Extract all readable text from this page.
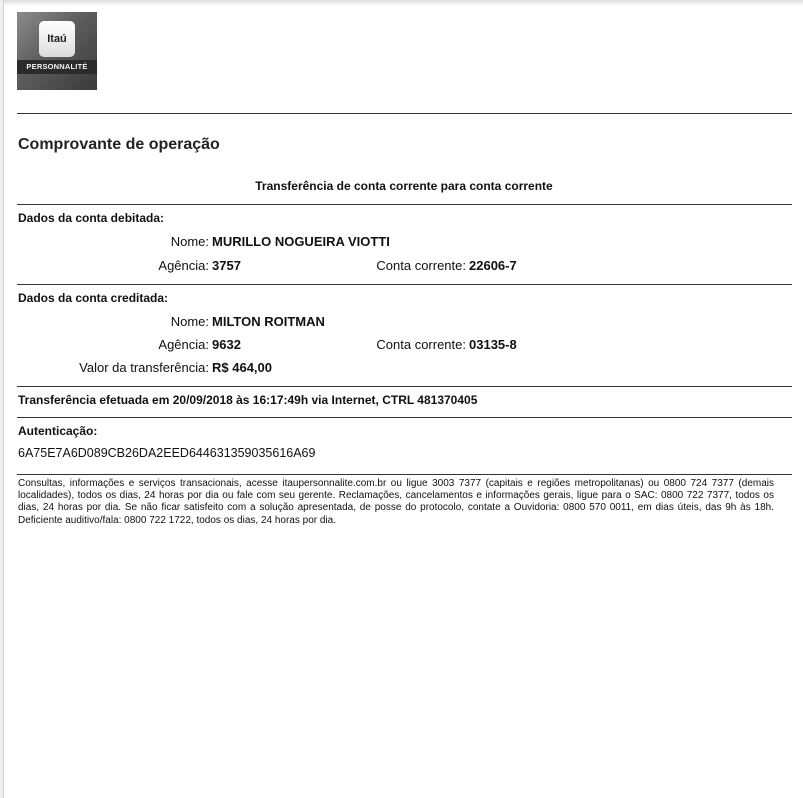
Itaú
PERSONNALITÉ
Comprovante de operação
Transferência de conta corrente para conta corrente
Dados da conta debitada:
Nome: MURILLO NOGUEIRA VIOTTI
Agência: 3757	Conta corrente: 22606-7
Dados da conta creditada:
Nome: MILTON ROITMAN
Agência: 9632	Conta corrente: 03135-8
Valor da transferência: R$ 464,00
Transferência efetuada em 20/09/2018 às 16:17:49h via Internet, CTRL 481370405
Autenticação:
6A75E7A6D089CB26DA2EED644631359035616A69
Consultas, informações e serviços transacionais, acesse itaupersonnalite.com.br ou ligue 3003 7377 (capitais e regiões metropolitanas) ou 0800 724 7377 (demais localidades), todos os dias, 24 horas por dia ou fale com seu gerente. Reclamações, cancelamentos e informações gerais, ligue para o SAC: 0800 722 7377, todos os dias, 24 horas por dia. Se não ficar satisfeito com a solução apresentada, de posse do protocolo, contate a Ouvidoria: 0800 570 0011, em dias úteis, das 9h às 18h. Deficiente auditivo/fala: 0800 722 1722, todos os dias, 24 horas por dia.
